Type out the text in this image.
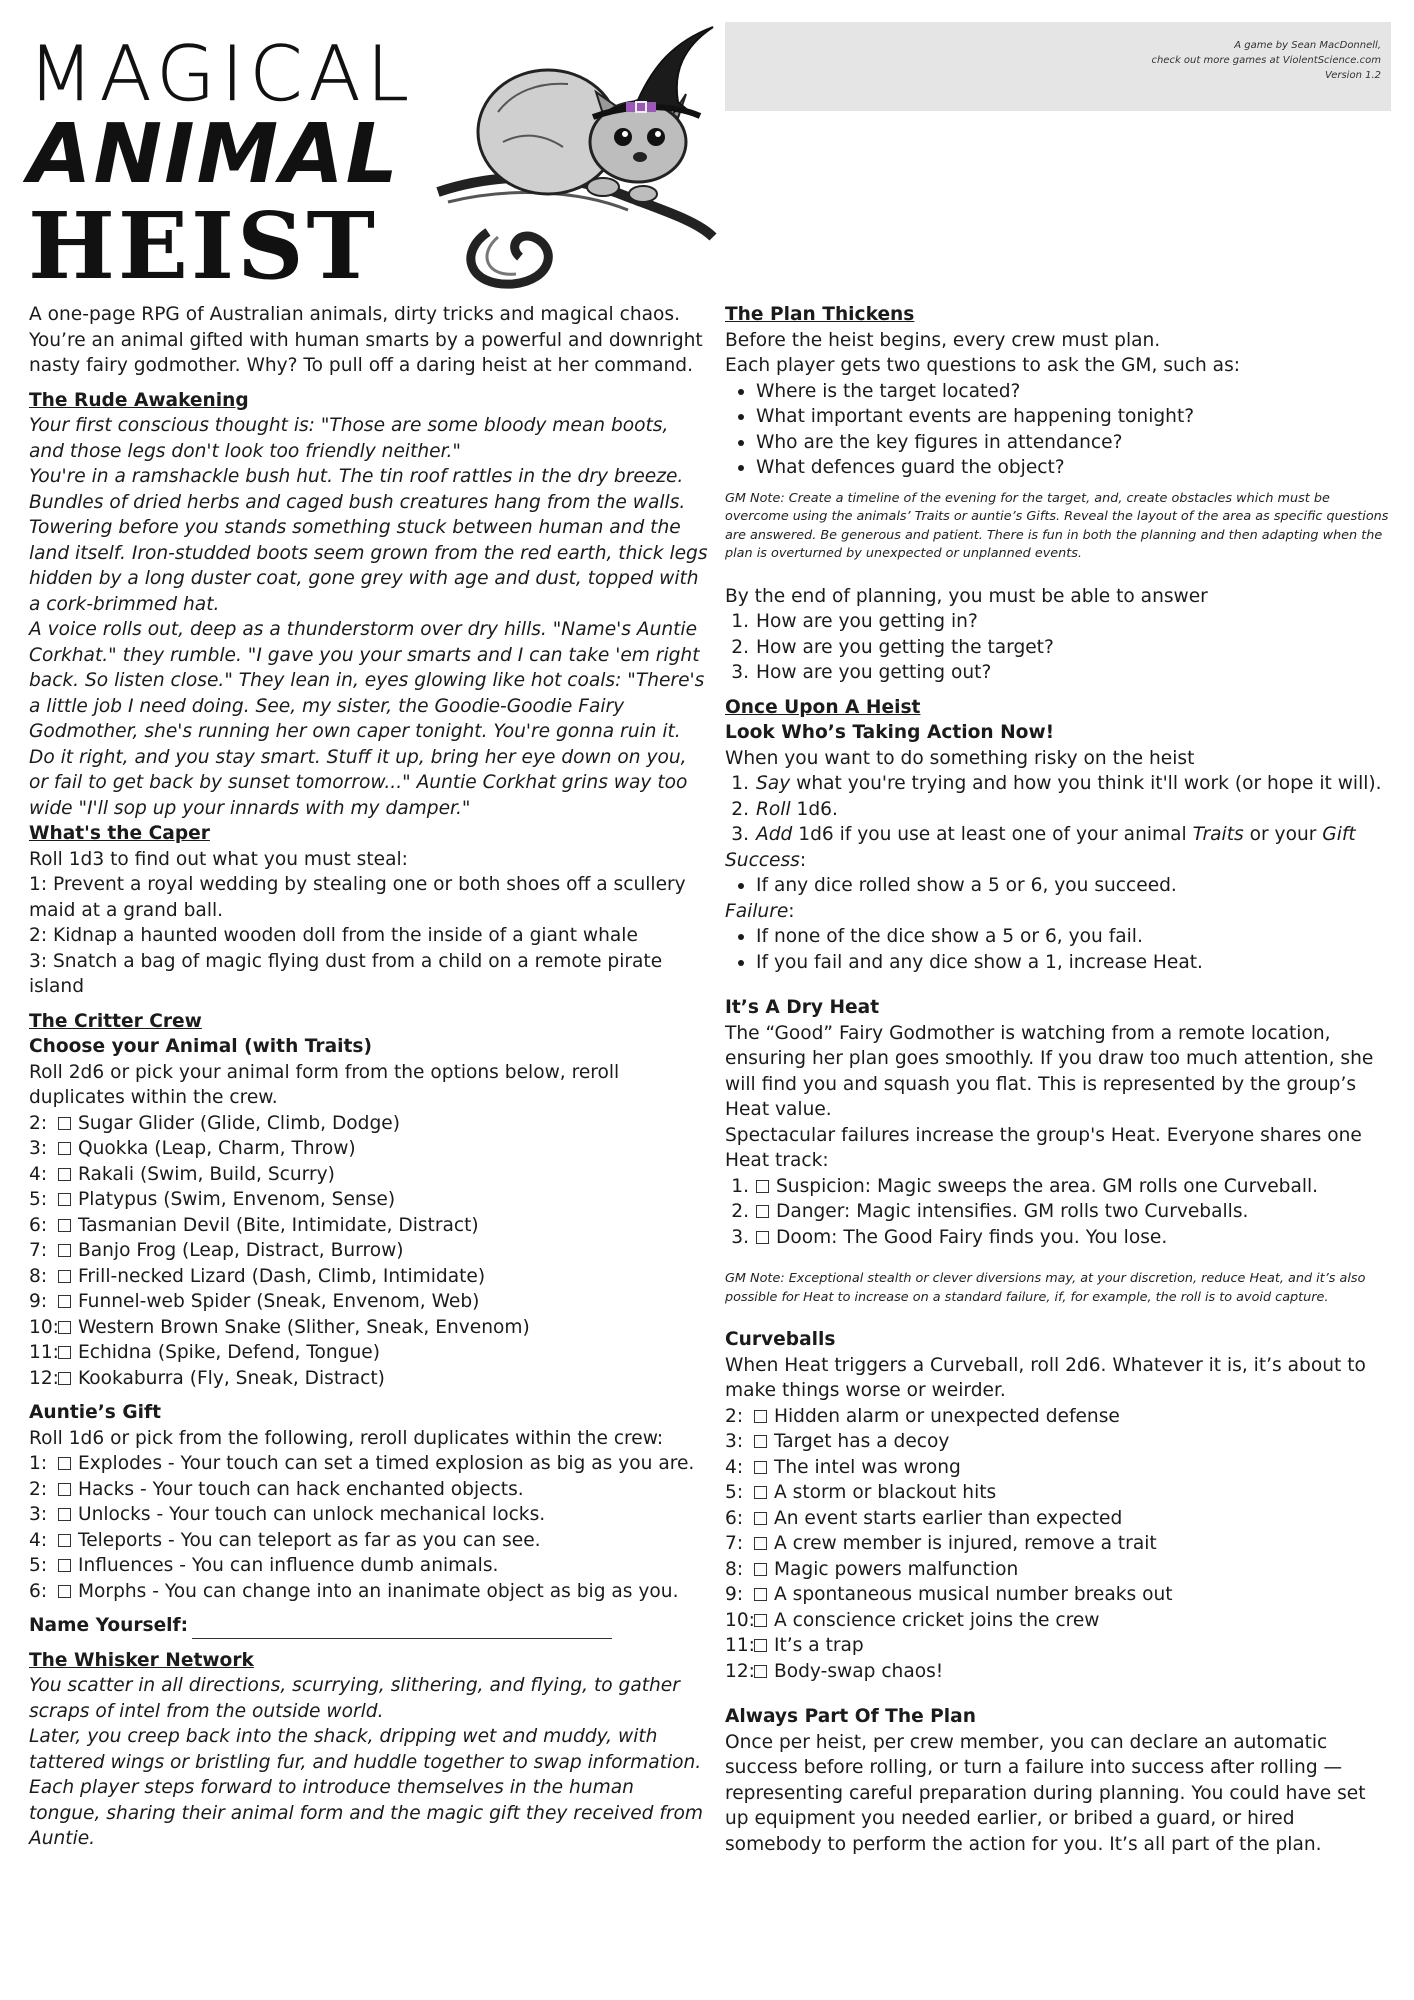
MAGICAL
ANIMAL
HEIST
A game by Sean MacDonnell,
check out more games at ViolentScience.com
Version 1.2

A one-page RPG of Australian animals, dirty tricks and magical chaos. You’re an animal gifted with human smarts by a powerful and downright nasty fairy godmother. Why? To pull off a daring heist at her command.

The Rude Awakening

Your first conscious thought is: "Those are some bloody mean boots, and those legs don't look too friendly neither."

You're in a ramshackle bush hut. The tin roof rattles in the dry breeze. Bundles of dried herbs and caged bush creatures hang from the walls. Towering before you stands something stuck between human and the land itself. Iron-studded boots seem grown from the red earth, thick legs hidden by a long duster coat, gone grey with age and dust, topped with a cork-brimmed hat.

A voice rolls out, deep as a thunderstorm over dry hills. "Name's Auntie Corkhat." they rumble. "I gave you your smarts and I can take 'em right back. So listen close." They lean in, eyes glowing like hot coals: "There's a little job I need doing. See, my sister, the Goodie-Goodie Fairy Godmother, she's running her own caper tonight. You're gonna ruin it. Do it right, and you stay smart. Stuff it up, bring her eye down on you, or fail to get back by sunset tomorrow..." Auntie Corkhat grins way too wide "I'll sop up your innards with my damper."

What's the Caper

Roll 1d3 to find out what you must steal:

1: Prevent a royal wedding by stealing one or both shoes off a scullery maid at a grand ball.

2: Kidnap a haunted wooden doll from the inside of a giant whale

3: Snatch a bag of magic flying dust from a child on a remote pirate island

The Critter Crew
Choose your Animal (with Traits)

Roll 2d6 or pick your animal form from the options below, reroll duplicates within the crew.

2: Sugar Glider (Glide, Climb, Dodge)
3: Quokka (Leap, Charm, Throw)
4: Rakali (Swim, Build, Scurry)
5: Platypus (Swim, Envenom, Sense)
6: Tasmanian Devil (Bite, Intimidate, Distract)
7: Banjo Frog (Leap, Distract, Burrow)
8: Frill-necked Lizard (Dash, Climb, Intimidate)
9: Funnel-web Spider (Sneak, Envenom, Web)
10: Western Brown Snake (Slither, Sneak, Envenom)
11: Echidna (Spike, Defend, Tongue)
12: Kookaburra (Fly, Sneak, Distract)
Auntie’s Gift

Roll 1d6 or pick from the following, reroll duplicates within the crew:

1: Explodes - Your touch can set a timed explosion as big as you are.
2: Hacks - Your touch can hack enchanted objects.
3: Unlocks - Your touch can unlock mechanical locks.
4: Teleports - You can teleport as far as you can see.
5: Influences - You can influence dumb animals.
6: Morphs - You can change into an inanimate object as big as you.

Name Yourself:

The Whisker Network

You scatter in all directions, scurrying, slithering, and flying, to gather scraps of intel from the outside world.

Later, you creep back into the shack, dripping wet and muddy, with tattered wings or bristling fur, and huddle together to swap information.

Each player steps forward to introduce themselves in the human tongue, sharing their animal form and the magic gift they received from Auntie.

The Plan Thickens

Before the heist begins, every crew must plan.

Each player gets two questions to ask the GM, such as:

Where is the target located?
What important events are happening tonight?
Who are the key figures in attendance?
What defences guard the object?

GM Note: Create a timeline of the evening for the target, and, create obstacles which must be overcome using the animals’ Traits or auntie’s Gifts. Reveal the layout of the area as specific questions are answered. Be generous and patient. There is fun in both the planning and then adapting when the plan is overturned by unexpected or unplanned events.

By the end of planning, you must be able to answer

1. How are you getting in?
2. How are you getting the target?
3. How are you getting out?
Once Upon A Heist
Look Who’s Taking Action Now!

When you want to do something risky on the heist

1. Say what you're trying and how you think it'll work (or hope it will).
2. Roll 1d6.
3. Add 1d6 if you use at least one of your animal Traits or your Gift

Success:

If any dice rolled show a 5 or 6, you succeed.

Failure:

If none of the dice show a 5 or 6, you fail.
If you fail and any dice show a 1, increase Heat.
It’s A Dry Heat

The “Good” Fairy Godmother is watching from a remote location, ensuring her plan goes smoothly. If you draw too much attention, she will find you and squash you flat. This is represented by the group’s Heat value.

Spectacular failures increase the group's Heat. Everyone shares one Heat track:

1.	Suspicion: Magic sweeps the area. GM rolls one Curveball.
2.	Danger: Magic intensifies. GM rolls two Curveballs.
3.	Doom: The Good Fairy finds you. You lose.

GM Note: Exceptional stealth or clever diversions may, at your discretion, reduce Heat, and it’s also possible for Heat to increase on a standard failure, if, for example, the roll is to avoid capture.

Curveballs

When Heat triggers a Curveball, roll 2d6. Whatever it is, it’s about to make things worse or weirder.

2: Hidden alarm or unexpected defense
3: Target has a decoy
4: The intel was wrong
5: A storm or blackout hits
6: An event starts earlier than expected
7: A crew member is injured, remove a trait
8: Magic powers malfunction
9: A spontaneous musical number breaks out
10: A conscience cricket joins the crew
11: It’s a trap
12: Body-swap chaos!
Always Part Of The Plan

Once per heist, per crew member, you can declare an automatic success before rolling, or turn a failure into success after rolling — representing careful preparation during planning. You could have set up equipment you needed earlier, or bribed a guard, or hired somebody to perform the action for you. It’s all part of the plan.
